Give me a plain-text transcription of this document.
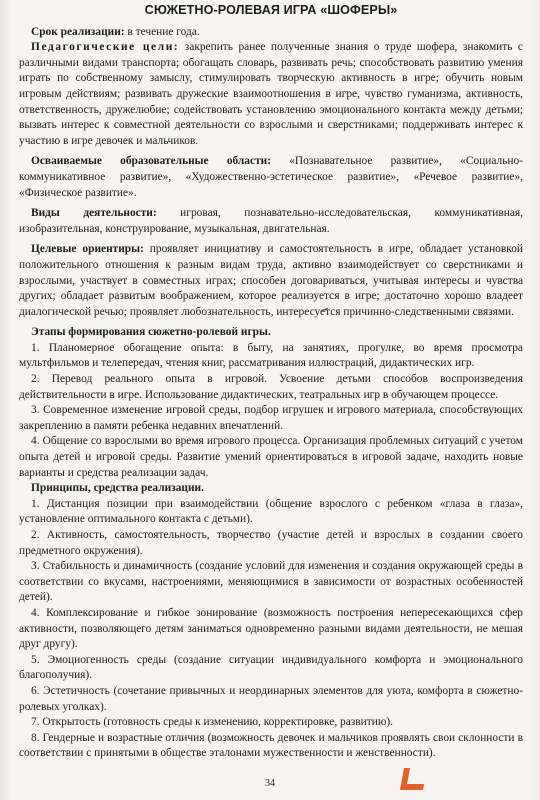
СЮЖЕТНО-РОЛЕВАЯ ИГРА «ШОФЕРЫ»

Срок реализации: в течение года.

Педагогические цели: закрепить ранее полученные знания о труде шофера, знакомить с различными видами транспорта; обогащать словарь, развивать речь; способствовать развитию умения играть по собственному замыслу, стимулировать творческую активность в игре; обучить новым игровым действиям; развивать дружеские взаимоотношения в игре, чувство гуманизма, активность, ответственность, дружелюбие; содействовать установлению эмоционального контакта между детьми; вызвать интерес к совместной деятельности со взрослыми и сверстниками; поддерживать интерес к участию в игре девочек и мальчиков.

Осваиваемые образовательные области: «Познавательное развитие», «Социально-коммуникативное развитие», «Художественно-эстетическое развитие», «Речевое развитие», «Физическое развитие».

Виды деятельности: игровая, познавательно-исследовательская, коммуникативная, изобразительная, конструирование, музыкальная, двигательная.

Целевые ориентиры: проявляет инициативу и самостоятельность в игре, обладает установкой положительного отношения к разным видам труда, активно взаимодействует со сверстниками и взрослыми, участвует в совместных играх; способен договариваться, учитывая интересы и чувства других; обладает развитым воображением, которое реализуется в игре; достаточно хорошо владеет диалогической речью; проявляет любознательность, интересуется причинно-следственными связями.

Этапы формирования сюжетно-ролевой игры.

1. Планомерное обогащение опыта: в быту, на занятиях, прогулке, во время просмотра мультфильмов и телепередач, чтения книг, рассматривания иллюстраций, дидактических игр.

2. Перевод реального опыта в игровой. Усвоение детьми способов воспроизведения действительности в игре. Использование дидактических, театральных игр в обучающем процессе.

3. Современное изменение игровой среды, подбор игрушек и игрового материала, способствующих закреплению в памяти ребенка недавних впечатлений.

4. Общение со взрослыми во время игрового процесса. Организация проблемных ситуаций с учетом опыта детей и игровой среды. Развитие умений ориентироваться в игровой задаче, находить новые варианты и средства реализации задач.

Принципы, средства реализации.

1. Дистанция позиции при взаимодействии (общение взрослого с ребенком «глаза в глаза», установление оптимального контакта с детьми).

2. Активность, самостоятельность, творчество (участие детей и взрослых в создании своего предметного окружения).

3. Стабильность и динамичность (создание условий для изменения и создания окружающей среды в соответствии со вкусами, настроениями, меняющимися в зависимости от возрастных особенностей детей).

4. Комплексирование и гибкое зонирование (возможность построения непересекающихся сфер активности, позволяющего детям заниматься одновременно разными видами деятельности, не мешая друг другу).

5. Эмоциогенность среды (создание ситуации индивидуального комфорта и эмоционального благополучия).

6. Эстетичность (сочетание привычных и неординарных элементов для уюта, комфорта в сюжетно-ролевых уголках).

7. Открытость (готовность среды к изменению, корректировке, развитию).

8. Гендерные и возрастные отличия (возможность девочек и мальчиков проявлять свои склонности в соответствии с принятыми в обществе эталонами мужественности и женственности).

34
